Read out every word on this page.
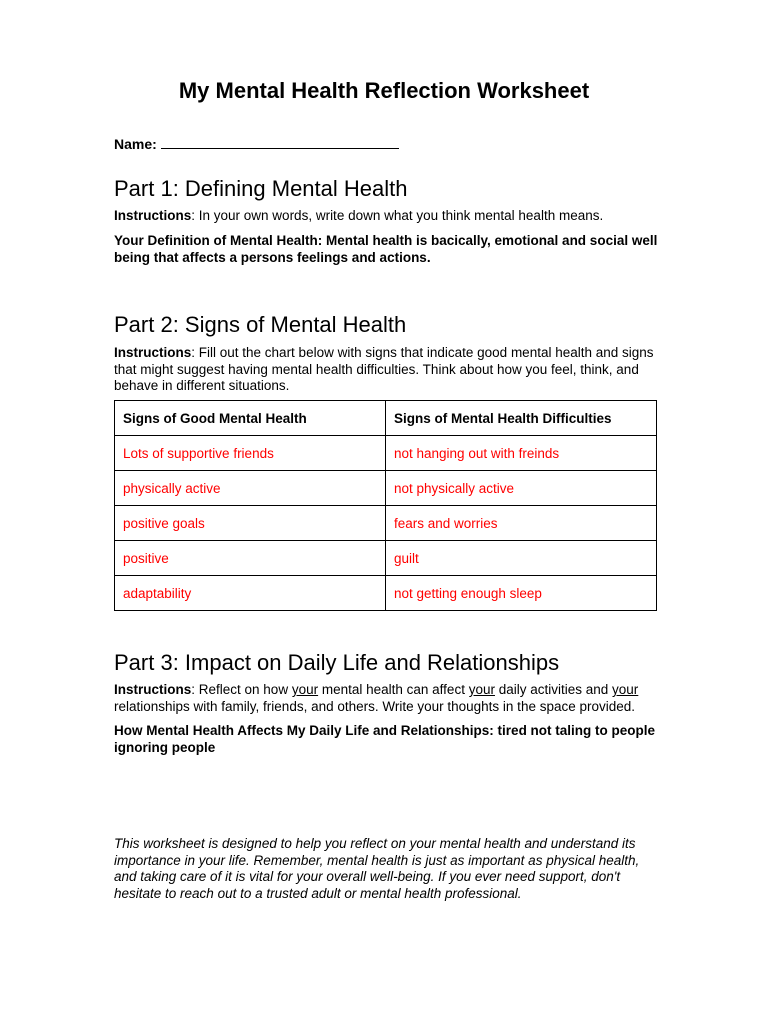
My Mental Health Reflection Worksheet
Name:
Part 1: Defining Mental Health

Instructions: In your own words, write down what you think mental health means.

Your Definition of Mental Health: Mental health is bacically, emotional and social well being that affects a persons feelings and actions.

Part 2: Signs of Mental Health

Instructions: Fill out the chart below with signs that indicate good mental health and signs that might suggest having mental health difficulties. Think about how you feel, think, and behave in different situations.

Signs of Good Mental Health	Signs of Mental Health Difficulties
Lots of supportive friends	not hanging out with freinds
physically active	not physically active
positive goals	fears and worries
positive	guilt
adaptability	not getting enough sleep
Part 3: Impact on Daily Life and Relationships

Instructions: Reflect on how your mental health can affect your daily activities and your relationships with family, friends, and others. Write your thoughts in the space provided.

How Mental Health Affects My Daily Life and Relationships: tired not taling to people ignoring people

This worksheet is designed to help you reflect on your mental health and understand its importance in your life. Remember, mental health is just as important as physical health, and taking care of it is vital for your overall well-being. If you ever need support, don't hesitate to reach out to a trusted adult or mental health professional.
